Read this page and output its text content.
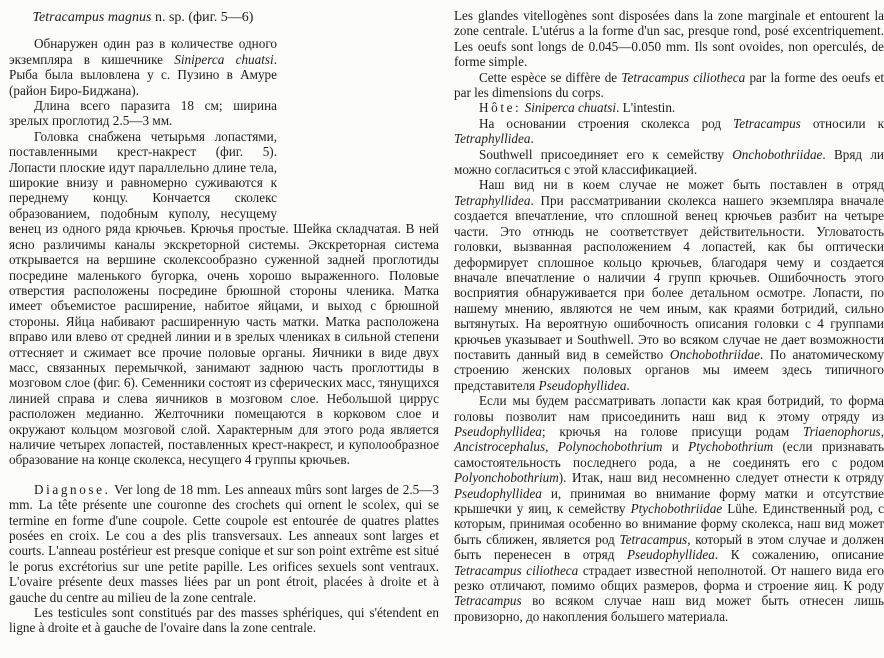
Tetracampus magnus n. sp. (фиг. 5—6)

Обнаружен один раз в количестве одного экземпляра в кишечнике Siniperca chuatsi. Рыба была выловлена у с. Пузино в Амуре (район Биро-Биджана).

Длина всего паразита 18 см; ширина зрелых проглотид 2.5—3 мм.

Головка снабжена четырьмя лопастями, поставленными крест-накрест (фиг. 5). Лопасти плоские идут параллельно длине тела, широкие внизу и равномерно суживаются к переднему концу. Кончается сколекс образованием, подобным куполу, несущему венец из одного ряда крючьев. Крючья простые. Шейка складчатая. В ней ясно различимы каналы экскреторной системы. Экскреторная система открывается на вершине сколексообразно суженной задней проглотиды посредине маленького бугорка, очень хорошо выраженного. Половые отверстия расположены посредине брюшной стороны членика. Матка имеет объемистое расширение, набитое яйцами, и выход с брюшной стороны. Яйца набивают расширенную часть матки. Матка расположена вправо или влево от средней линии и в зрелых члениках в сильной степени оттесняет и сжимает все прочие половые органы. Яичники в виде двух масс, связанных перемычкой, занимают заднюю часть проглоттиды в мозговом слое (фиг. 6). Семенники состоят из сферических масс, тянущихся линией справа и слева яичников в мозговом слое. Небольшой циррус расположен медианно. Желточники помещаются в корковом слое и окружают кольцом мозговой слой. Характерным для этого рода является наличие четырех лопастей, поставленных крест-накрест, и куполообразное образование на конце сколекса, несущего 4 группы крючьев.

Diagnose. Ver long de 18 mm. Les anneaux mûrs sont larges de 2.5—3 mm. La tête présente une couronne des crochets qui ornent le scolex, qui se termine en forme d'une coupole. Cette coupole est entourée de quatres plattes posées en croix. Le cou a des plis transversaux. Les anneaux sont larges et courts. L'anneau postérieur est presque conique et sur son point extrême est situé le porus excrétorius sur une petite papille. Les orifices sexuels sont ventraux. L'ovaire présente deux masses liées par un pont étroit, placées à droite et à gauche du centre au milieu de la zone centrale.

Les testicules sont constitués par des masses sphériques, qui s'étendent en ligne à droite et à gauche de l'ovaire dans la zone centrale.

Les glandes vitellogènes sont disposées dans la zone marginale et entourent la zone centrale. L'utérus a la forme d'un sac, presque rond, posé excentriquement. Les oeufs sont longs de 0.045—0.050 mm. Ils sont ovoides, non operculés, de forme simple.

Cette espèce se diffère de Tetracampus ciliotheca par la forme des oeufs et par les dimensions du corps.

Hôte: Siniperca chuatsi. L'intestin.

На основании строения сколекса род Tetracampus относили к Tetraphyllidea.

Southwell присоединяет его к семейству Onchobothriidae. Вряд ли можно согласиться с этой классификацией.

Наш вид ни в коем случае не может быть поставлен в отряд Tetraphyllidea. При рассматривании сколекса нашего экземпляра вначале создается впечатление, что сплошной венец крючьев разбит на четыре части. Это отнюдь не соответствует действительности. Угловатость головки, вызванная расположением 4 лопастей, как бы оптически деформирует сплошное кольцо крючьев, благодаря чему и создается вначале впечатление о наличии 4 групп крючьев. Ошибочность этого восприятия обнаруживается при более детальном осмотре. Лопасти, по нашему мнению, являются не чем иным, как краями ботридий, сильно вытянутых. На вероятную ошибочность описания головки с 4 группами крючьев указывает и Southwell. Это во всяком случае не дает возможности поставить данный вид в семейство Onchobothriidae. По анатомическому строению женских половых органов мы имеем здесь типичного представителя Pseudophyllidea.

Если мы будем рассматривать лопасти как края ботридий, то форма головы позволит нам присоединить наш вид к этому отряду из Pseudophyllidea; крючья на голове присущи родам Triaenophorus, Ancistrocephalus, Polynochobothrium и Ptychobothrium (если признавать самостоятельность последнего рода, а не соединять его с родом Polyonchobothrium). Итак, наш вид несомненно следует отнести к отряду Pseudophyllidea и, принимая во внимание форму матки и отсутствие крышечки у яиц, к семейству Ptychobothriidae Lühe. Единственный род, с которым, принимая особенно во внимание форму сколекса, наш вид может быть сближен, является род Tetracampus, который в этом случае и должен быть перенесен в отряд Pseudophyllidea. К сожалению, описание Tetracampus ciliotheca страдает известной неполнотой. От нашего вида его резко отличают, помимо общих размеров, форма и строение яиц. К роду Tetracampus во всяком случае наш вид может быть отнесен лишь провизорно, до накопления большего материала.
